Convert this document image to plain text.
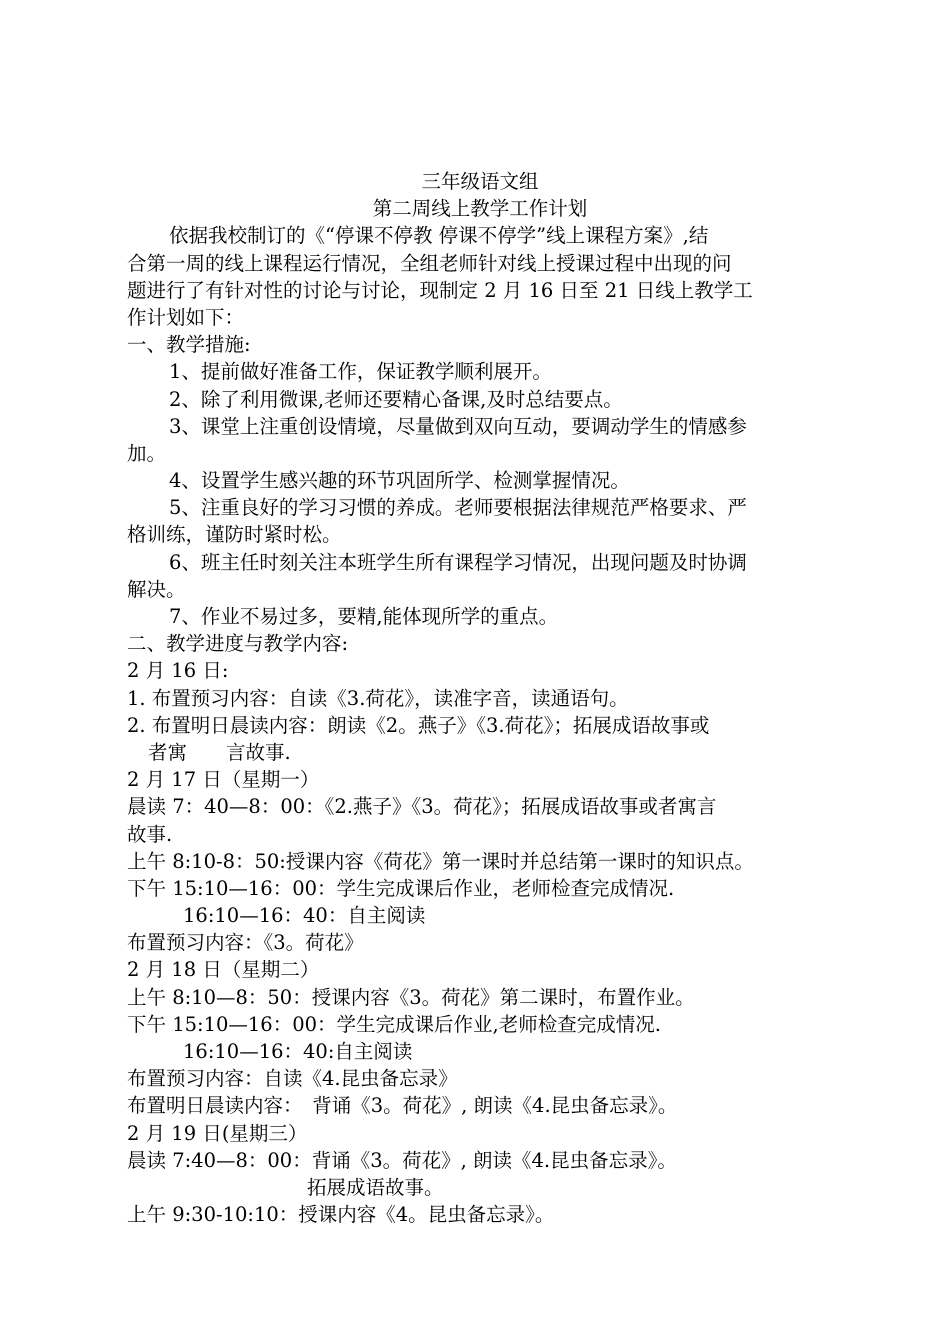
三年级语文组
第二周线上教学工作计划
依据我校制订的《“停课不停教 停课不停学”线上课程方案》,结
合第一周的线上课程运行情况，全组老师针对线上授课过程中出现的问
题进行了有针对性的讨论与讨论，现制定 2 月 16 日至 21 日线上教学工
作计划如下：
一、教学措施:
1、提前做好准备工作，保证教学顺利展开。
2、除了利用微课,老师还要精心备课,及时总结要点。
3、课堂上注重创设情境，尽量做到双向互动，要调动学生的情感参
加。
4、设置学生感兴趣的环节巩固所学、检测掌握情况。
5、注重良好的学习习惯的养成。老师要根据法律规范严格要求、严
格训练，谨防时紧时松。
6、班主任时刻关注本班学生所有课程学习情况，出现问题及时协调
解决。
7、作业不易过多，要精,能体现所学的重点。
二、教学进度与教学内容:
2 月 16 日:
1. 布置预习内容：自读《3.荷花》，读准字音，读通语句。
2. 布置明日晨读内容：朗读《2。燕子》《3.荷花》；拓展成语故事或
者寓　　言故事.
2 月 17 日（星期一）
晨读 7：40—8：00：《2.燕子》《3。荷花》；拓展成语故事或者寓言
故事.
上午 8:10-8：50:授课内容《荷花》第一课时并总结第一课时的知识点。
下午 15:10—16：00：学生完成课后作业，老师检查完成情况.
16:10—16：40：自主阅读
布置预习内容：《3。荷花》
2 月 18 日（星期二）
上午 8:10—8：50：授课内容《3。荷花》第二课时，布置作业。
下午 15:10—16：00：学生完成课后作业,老师检查完成情况.
16:10—16：40:自主阅读
布置预习内容：自读《4.昆虫备忘录》
布置明日晨读内容：　背诵《3。荷花》, 朗读《4.昆虫备忘录》。
2 月 19 日(星期三）
晨读 7:40—8：00：背诵《3。荷花》, 朗读《4.昆虫备忘录》。
拓展成语故事。
上午 9:30-10:10：授课内容《4。昆虫备忘录》。
